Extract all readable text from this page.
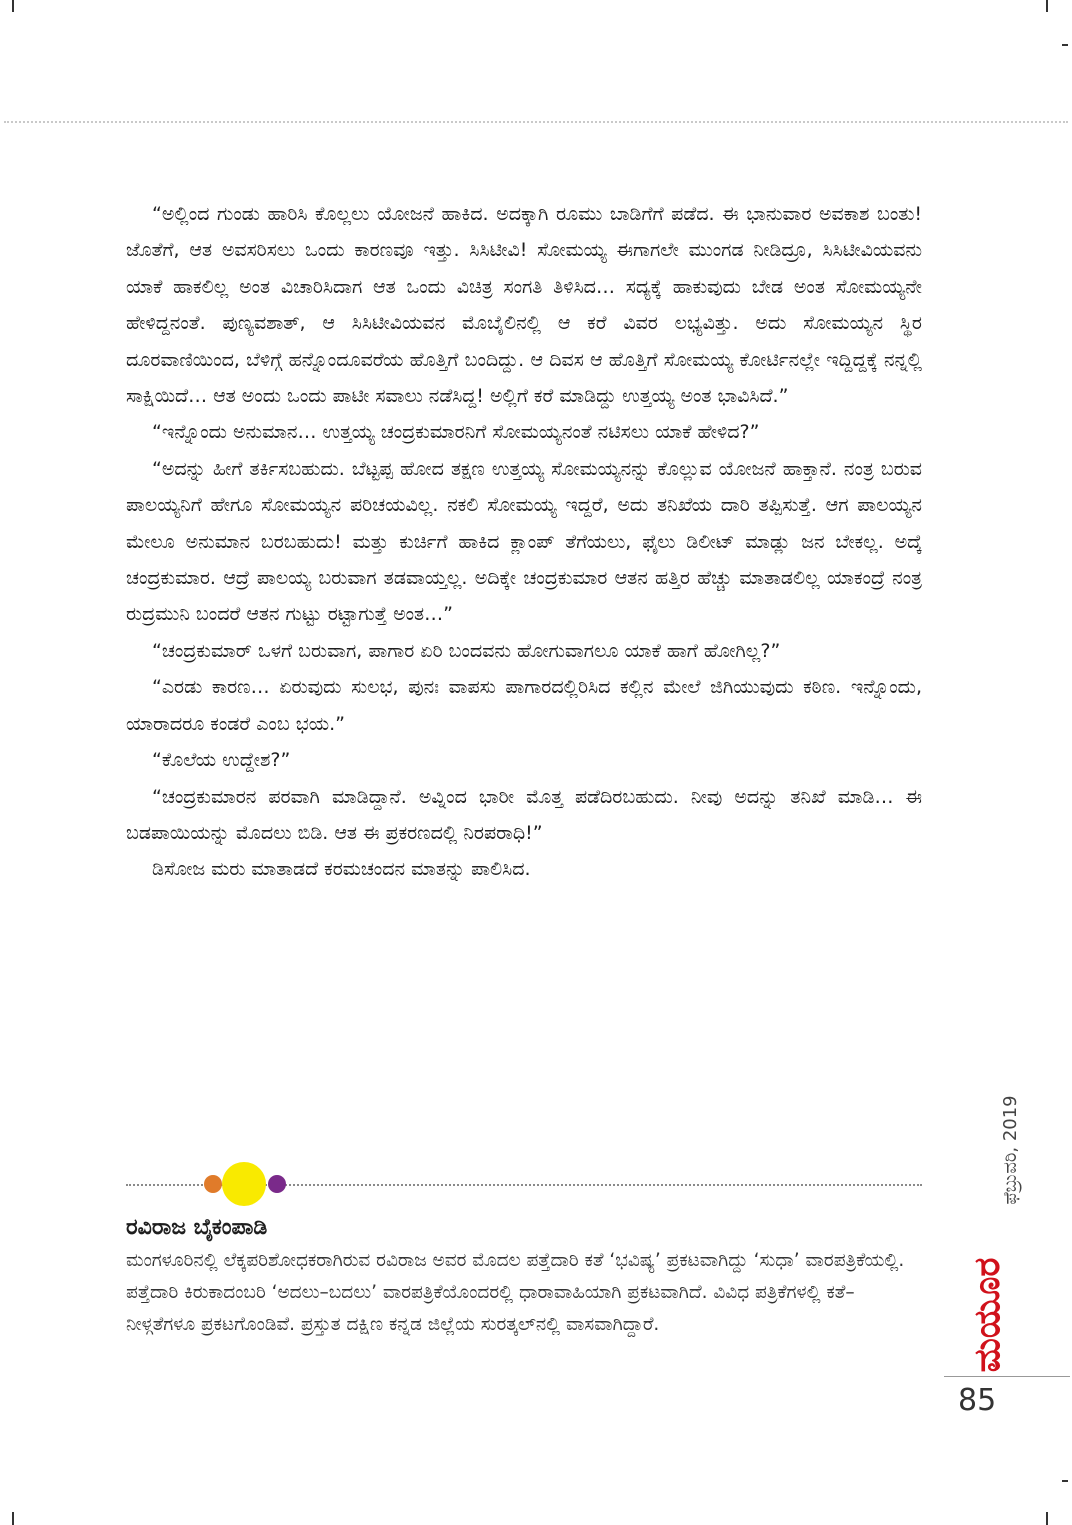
“ಅಲ್ಲಿಂದ ಗುಂಡು ಹಾರಿಸಿ ಕೊಲ್ಲಲು ಯೋಜನೆ ಹಾಕಿದ. ಅದಕ್ಕಾಗಿ ರೂಮು ಬಾಡಿಗೆಗೆ ಪಡೆದ. ಈ ಭಾನುವಾರ ಅವಕಾಶ ಬಂತು! ಜೊತೆಗೆ, ಆತ ಅವಸರಿಸಲು ಒಂದು ಕಾರಣವೂ ಇತ್ತು. ಸಿಸಿಟೀವಿ! ಸೋಮಯ್ಯ ಈಗಾಗಲೇ ಮುಂಗಡ ನೀಡಿದ್ರೂ, ಸಿಸಿಟೀವಿಯವನು ಯಾಕೆ ಹಾಕಲಿಲ್ಲ ಅಂತ ವಿಚಾರಿಸಿದಾಗ ಆತ ಒಂದು ವಿಚಿತ್ರ ಸಂಗತಿ ತಿಳಿಸಿದ… ಸದ್ಯಕ್ಕೆ ಹಾಕುವುದು ಬೇಡ ಅಂತ ಸೋಮಯ್ಯನೇ ಹೇಳಿದ್ದನಂತೆ. ಪುಣ್ಯವಶಾತ್, ಆ ಸಿಸಿಟೀವಿಯವನ ಮೊಬೈಲಿನಲ್ಲಿ ಆ ಕರೆ ವಿವರ ಲಭ್ಯವಿತ್ತು. ಅದು ಸೋಮಯ್ಯನ ಸ್ಥಿರ ದೂರವಾಣಿಯಿಂದ, ಬೆಳಿಗ್ಗೆ ಹನ್ನೊಂದೂವರೆಯ ಹೊತ್ತಿಗೆ ಬಂದಿದ್ದು. ಆ ದಿವಸ ಆ ಹೊತ್ತಿಗೆ ಸೋಮಯ್ಯ ಕೋರ್ಟಿನಲ್ಲೇ ಇದ್ದಿದ್ದಕ್ಕೆ ನನ್ನಲ್ಲಿ ಸಾಕ್ಷಿಯಿದೆ… ಆತ ಅಂದು ಒಂದು ಪಾಟೀ ಸವಾಲು ನಡೆಸಿದ್ದ! ಅಲ್ಲಿಗೆ ಕರೆ ಮಾಡಿದ್ದು ಉತ್ತಯ್ಯ ಅಂತ ಭಾವಿಸಿದೆ.”

“ಇನ್ನೊಂದು ಅನುಮಾನ… ಉತ್ತಯ್ಯ ಚಂದ್ರಕುಮಾರನಿಗೆ ಸೋಮಯ್ಯನಂತೆ ನಟಿಸಲು ಯಾಕೆ ಹೇಳಿದ?”

“ಅದನ್ನು ಹೀಗೆ ತರ್ಕಿಸಬಹುದು. ಬೆಟ್ಟಪ್ಪ ಹೋದ ತಕ್ಷಣ ಉತ್ತಯ್ಯ ಸೋಮಯ್ಯನನ್ನು ಕೊಲ್ಲುವ ಯೋಜನೆ ಹಾಕ್ತಾನೆ. ನಂತ್ರ ಬರುವ ಪಾಲಯ್ಯನಿಗೆ ಹೇಗೂ ಸೋಮಯ್ಯನ ಪರಿಚಯವಿಲ್ಲ. ನಕಲಿ ಸೋಮಯ್ಯ ಇದ್ದರೆ, ಅದು ತನಿಖೆಯ ದಾರಿ ತಪ್ಪಿಸುತ್ತೆ. ಆಗ ಪಾಲಯ್ಯನ ಮೇಲೂ ಅನುಮಾನ ಬರಬಹುದು! ಮತ್ತು ಕುರ್ಚಿಗೆ ಹಾಕಿದ ಕ್ಲಾಂಪ್ ತೆಗೆಯಲು, ಫೈಲು ಡಿಲೀಟ್ ಮಾಡ್ಲು ಜನ ಬೇಕಲ್ಲ. ಅದ್ಕೆ ಚಂದ್ರಕುಮಾರ. ಆದ್ರೆ ಪಾಲಯ್ಯ ಬರುವಾಗ ತಡವಾಯ್ತಲ್ಲ. ಅದಿಕ್ಕೇ ಚಂದ್ರಕುಮಾರ ಆತನ ಹತ್ತಿರ ಹೆಚ್ಚು ಮಾತಾಡಲಿಲ್ಲ ಯಾಕಂದ್ರೆ ನಂತ್ರ ರುದ್ರಮುನಿ ಬಂದರೆ ಆತನ ಗುಟ್ಟು ರಟ್ಟಾಗುತ್ತೆ ಅಂತ…”

“ಚಂದ್ರಕುಮಾರ್ ಒಳಗೆ ಬರುವಾಗ, ಪಾಗಾರ ಏರಿ ಬಂದವನು ಹೋಗುವಾಗಲೂ ಯಾಕೆ ಹಾಗೆ ಹೋಗಿಲ್ಲ?”

“ಎರಡು ಕಾರಣ… ಏರುವುದು ಸುಲಭ, ಪುನಃ ವಾಪಸು ಪಾಗಾರದಲ್ಲಿರಿಸಿದ ಕಲ್ಲಿನ ಮೇಲೆ ಜಿಗಿಯುವುದು ಕಠಿಣ. ಇನ್ನೊಂದು, ಯಾರಾದರೂ ಕಂಡರೆ ಎಂಬ ಭಯ.”

“ಕೊಲೆಯ ಉದ್ದೇಶ?”

“ಚಂದ್ರಕುಮಾರನ ಪರವಾಗಿ ಮಾಡಿದ್ದಾನೆ. ಅವ್ನಿಂದ ಭಾರೀ ಮೊತ್ತ ಪಡೆದಿರಬಹುದು. ನೀವು ಅದನ್ನು ತನಿಖೆ ಮಾಡಿ… ಈ ಬಡಪಾಯಿಯನ್ನು ಮೊದಲು ಬಿಡಿ. ಆತ ಈ ಪ್ರಕರಣದಲ್ಲಿ ನಿರಪರಾಧಿ!”

ಡಿಸೋಜ ಮರು ಮಾತಾಡದೆ ಕರಮಚಂದನ ಮಾತನ್ನು ಪಾಲಿಸಿದ.

ರವಿರಾಜ ಬೈಕಂಪಾಡಿ
ಮಂಗಳೂರಿನಲ್ಲಿ ಲೆಕ್ಕಪರಿಶೋಧಕರಾಗಿರುವ ರವಿರಾಜ ಅವರ ಮೊದಲ ಪತ್ತೆದಾರಿ ಕತೆ ‘ಭವಿಷ್ಯ’ ಪ್ರಕಟವಾಗಿದ್ದು ‘ಸುಧಾ’ ವಾರಪತ್ರಿಕೆಯಲ್ಲಿ. ಪತ್ತೆದಾರಿ ಕಿರುಕಾದಂಬರಿ ‘ಅದಲು–ಬದಲು’ ವಾರಪತ್ರಿಕೆಯೊಂದರಲ್ಲಿ ಧಾರಾವಾಹಿಯಾಗಿ ಪ್ರಕಟವಾಗಿದೆ. ವಿವಿಧ ಪತ್ರಿಕೆಗಳಲ್ಲಿ ಕತೆ–ನೀಳ್ಗತೆಗಳೂ ಪ್ರಕಟಗೊಂಡಿವೆ. ಪ್ರಸ್ತುತ ದಕ್ಷಿಣ ಕನ್ನಡ ಜಿಲ್ಲೆಯ ಸುರತ್ಕಲ್‌ನಲ್ಲಿ ವಾಸವಾಗಿದ್ದಾರೆ.
ಫೆಬ್ರುವರಿ, 2019
ಮಯೂರ
85
